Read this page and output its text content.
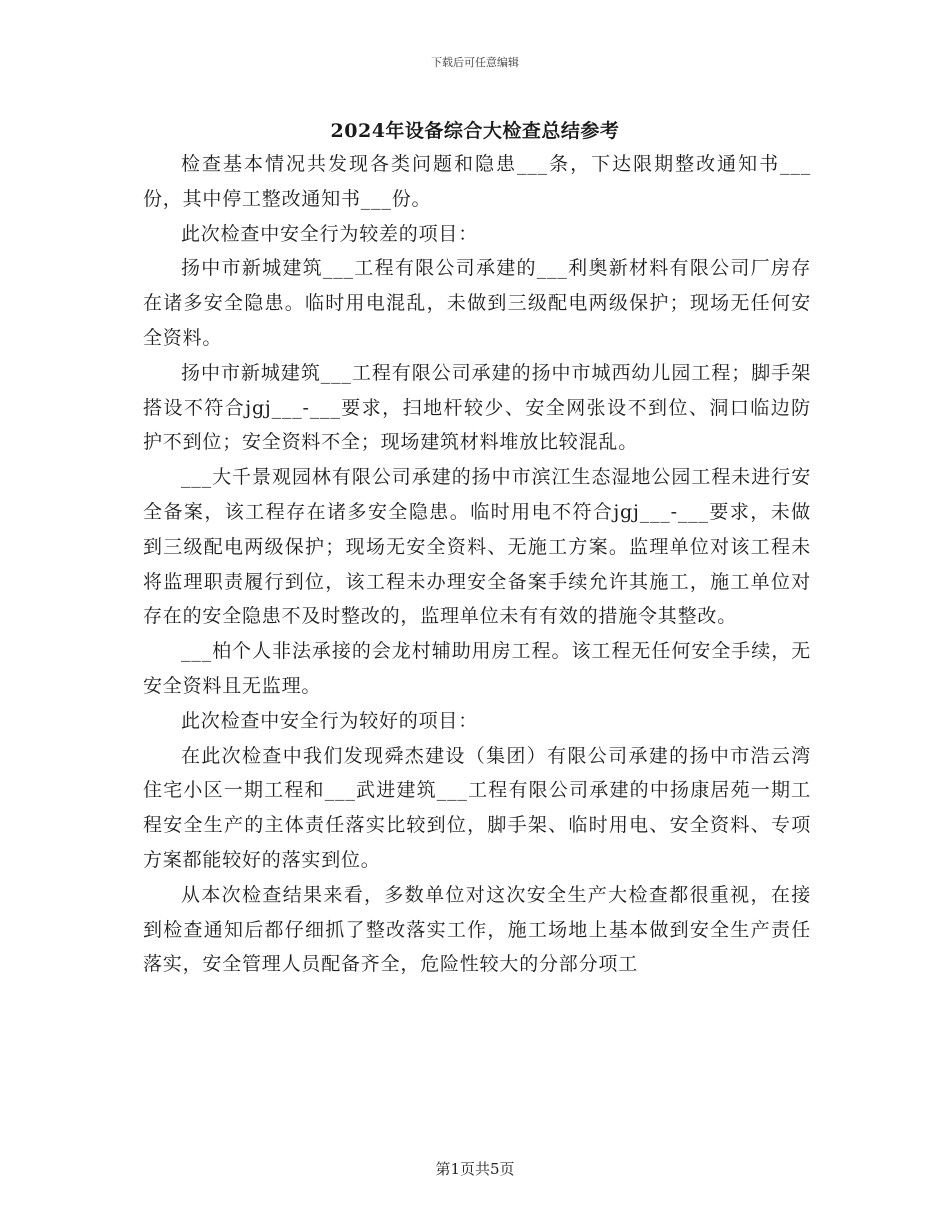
下载后可任意编辑
2024年设备综合大检查总结参考

检查基本情况共发现各类问题和隐患___条，下达限期整改通知书___份，其中停工整改通知书___份。

此次检查中安全行为较差的项目：

扬中市新城建筑___工程有限公司承建的___利奥新材料有限公司厂房存在诸多安全隐患。临时用电混乱，未做到三级配电两级保护；现场无任何安全资料。

扬中市新城建筑___工程有限公司承建的扬中市城西幼儿园工程；脚手架搭设不符合jgj___-___要求，扫地杆较少、安全网张设不到位、洞口临边防护不到位；安全资料不全；现场建筑材料堆放比较混乱。

___大千景观园林有限公司承建的扬中市滨江生态湿地公园工程未进行安全备案，该工程存在诸多安全隐患。临时用电不符合jgj___-___要求，未做到三级配电两级保护；现场无安全资料、无施工方案。监理单位对该工程未将监理职责履行到位，该工程未办理安全备案手续允许其施工，施工单位对存在的安全隐患不及时整改的，监理单位未有有效的措施令其整改。

___柏个人非法承接的会龙村辅助用房工程。该工程无任何安全手续，无安全资料且无监理。

此次检查中安全行为较好的项目：

在此次检查中我们发现舜杰建设（集团）有限公司承建的扬中市浩云湾住宅小区一期工程和___武进建筑___工程有限公司承建的中扬康居苑一期工程安全生产的主体责任落实比较到位，脚手架、临时用电、安全资料、专项方案都能较好的落实到位。

从本次检查结果来看，多数单位对这次安全生产大检查都很重视，在接到检查通知后都仔细抓了整改落实工作，施工场地上基本做到安全生产责任落实，安全管理人员配备齐全，危险性较大的分部分项工

第1页共5页
